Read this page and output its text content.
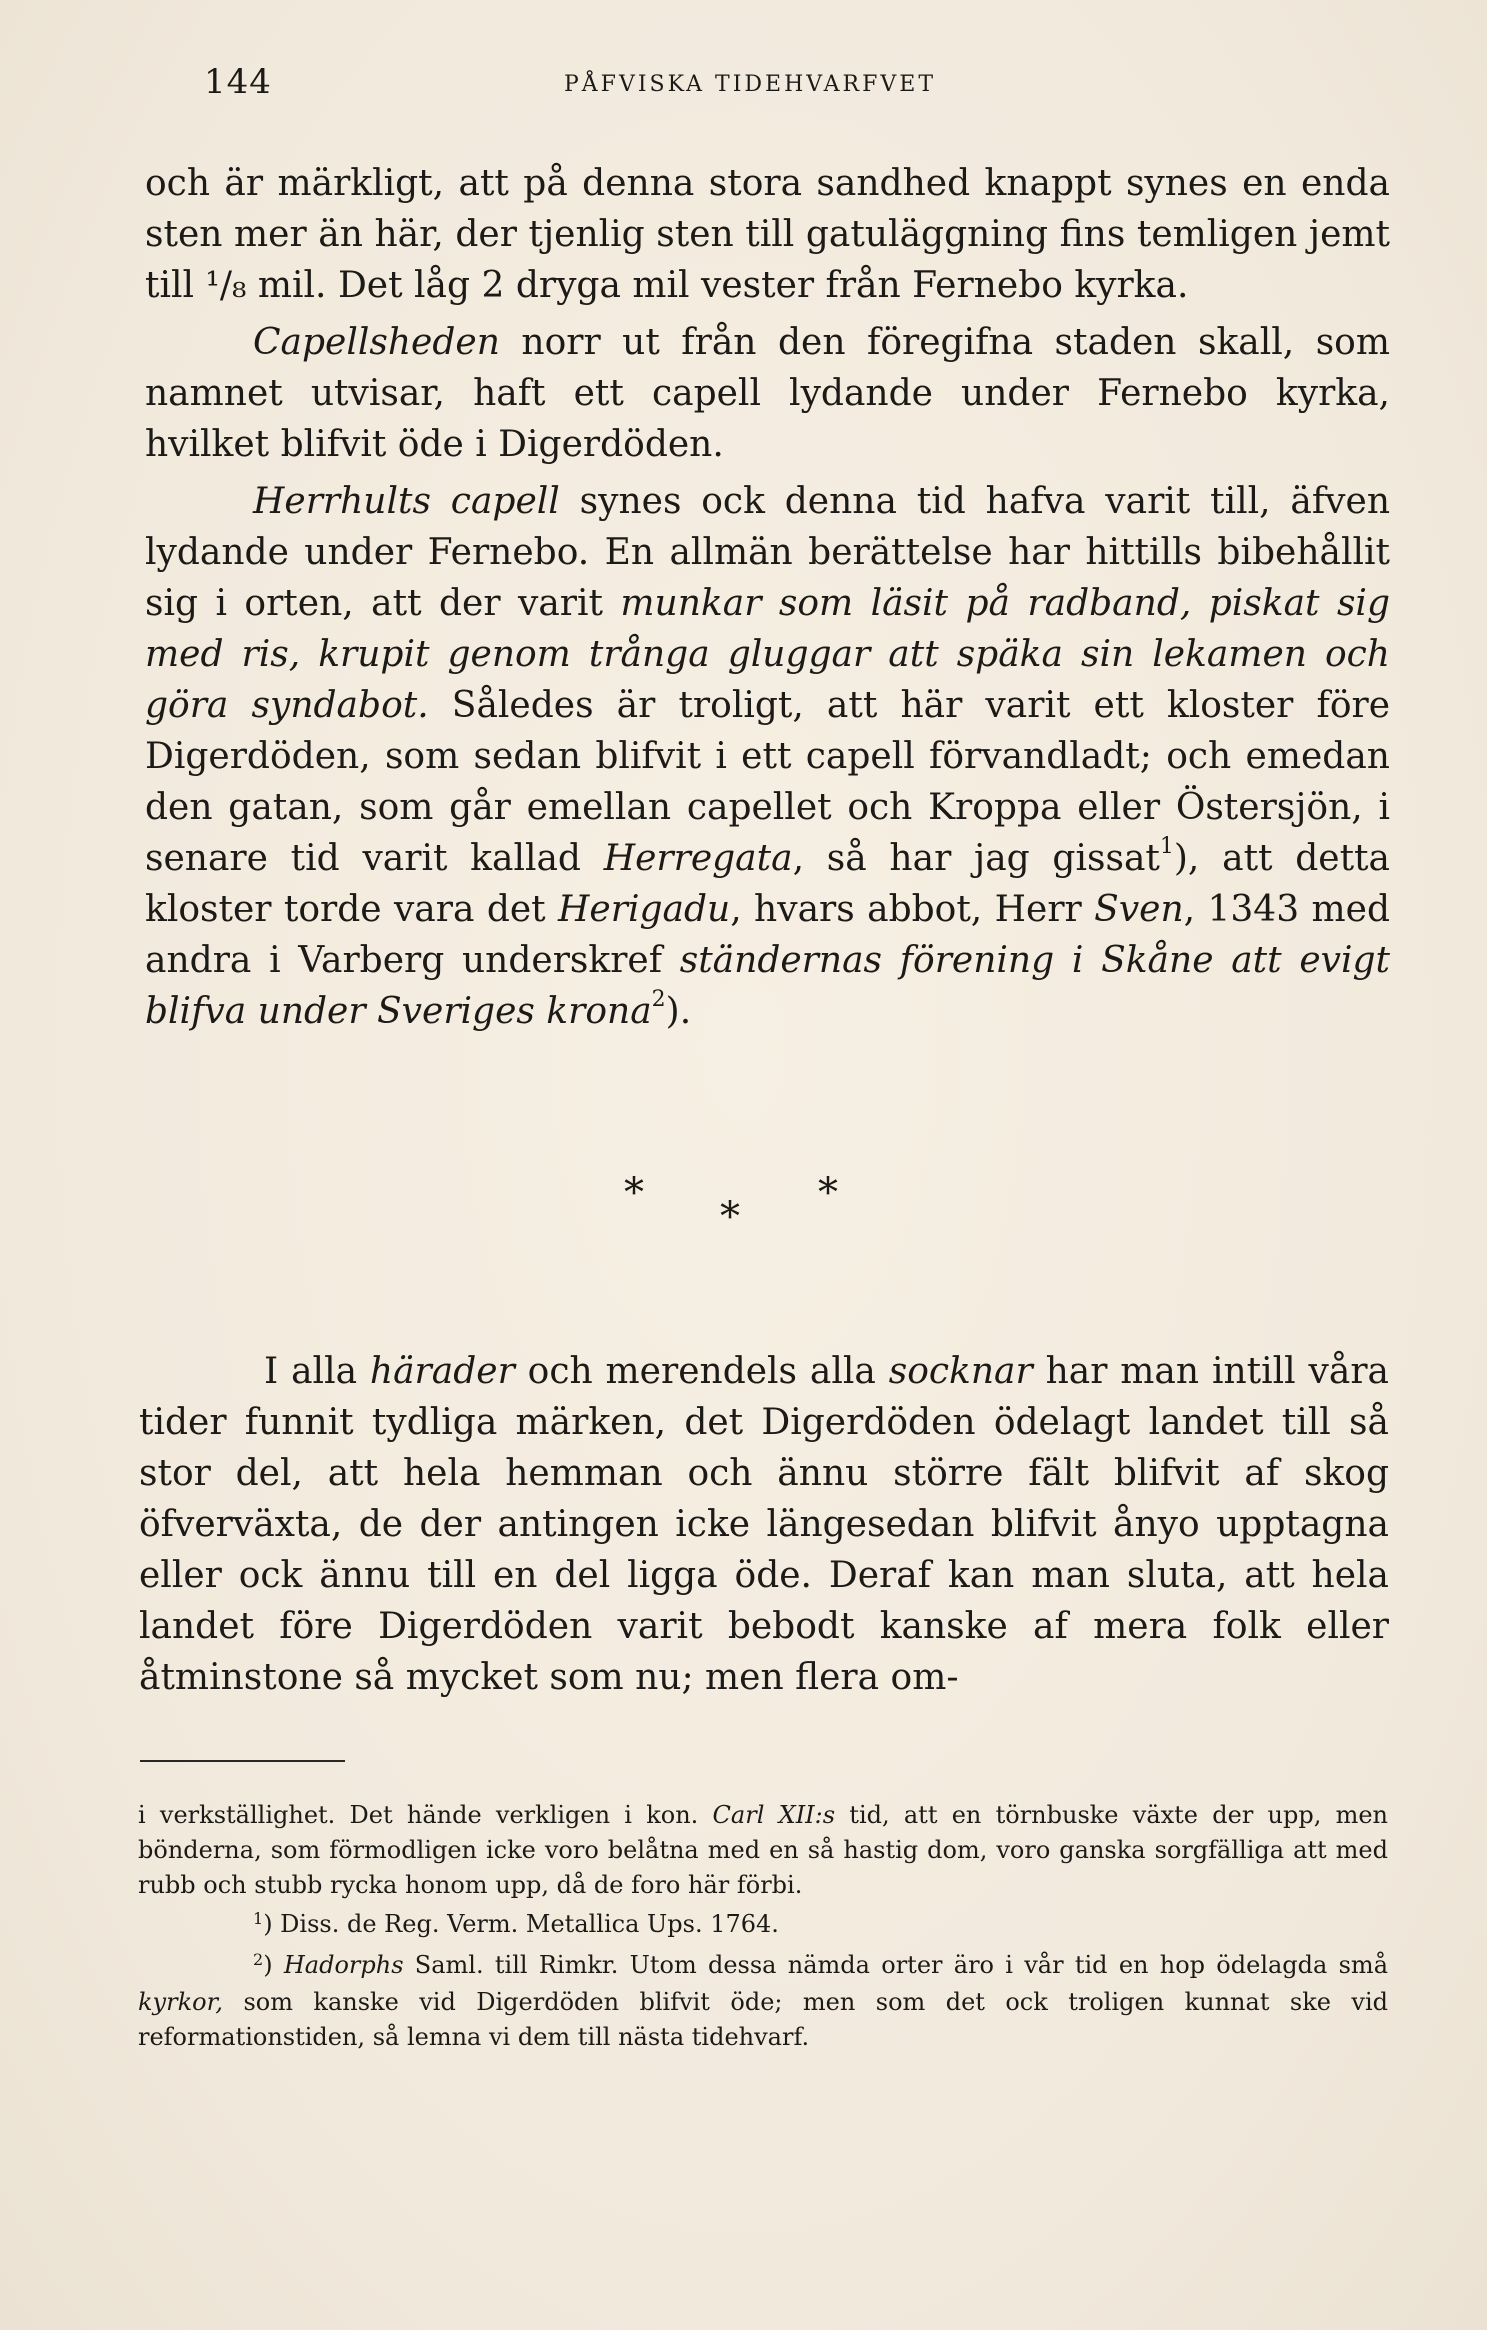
144	PÅFVISKA TIDEHVARFVET

och är märkligt, att på denna stora sandhed knappt synes en enda sten mer än här, der tjenlig sten till gatuläggning fins temligen jemt till ¹/₈ mil. Det låg 2 dryga mil vester från Fernebo kyrka.

Capellsheden norr ut från den föregifna staden skall, som namnet utvisar, haft ett capell lydande under Fernebo kyrka, hvilket blifvit öde i Digerdöden.

Herrhults capell synes ock denna tid hafva varit till, äfven lydande under Fernebo. En allmän berättelse har hittills bibehållit sig i orten, att der varit munkar som läsit på radband, piskat sig med ris, krupit genom trånga gluggar att späka sin lekamen och göra syndabot. Således är troligt, att här varit ett kloster före Digerdöden, som sedan blifvit i ett capell förvandladt; och emedan den gatan, som går emellan capellet och Kroppa eller Östersjön, i senare tid varit kallad Herregata, så har jag gissat$^1$), att detta kloster torde vara det Herigadu, hvars abbot, Herr Sven, 1343 med andra i Varberg underskref ständernas förening i Skåne att evigt blifva under Sveriges krona$^2$).

*
*
*

I alla härader och merendels alla socknar har man intill våra tider funnit tydliga märken, det Digerdöden ödelagt landet till så stor del, att hela hemman och ännu större fält blifvit af skog öfverväxta, de der antingen icke längesedan blifvit ånyo upptagna eller ock ännu till en del ligga öde. Deraf kan man sluta, att hela landet före Digerdöden varit bebodt kanske af mera folk eller åtminstone så mycket som nu; men flera om-

i verkställighet. Det hände verkligen i kon. Carl XII:s tid, att en törnbuske växte der upp, men bönderna, som förmodligen icke voro belåtna med en så hastig dom, voro ganska sorgfälliga att med rubb och stubb rycka honom upp, då de foro här förbi.

$^1$) Diss. de Reg. Verm. Metallica Ups. 1764.

$^2$) Hadorphs Saml. till Rimkr. Utom dessa nämda orter äro i vår tid en hop ödelagda små kyrkor, som kanske vid Digerdöden blifvit öde; men som det ock troligen kunnat ske vid reformationstiden, så lemna vi dem till nästa tidehvarf.
